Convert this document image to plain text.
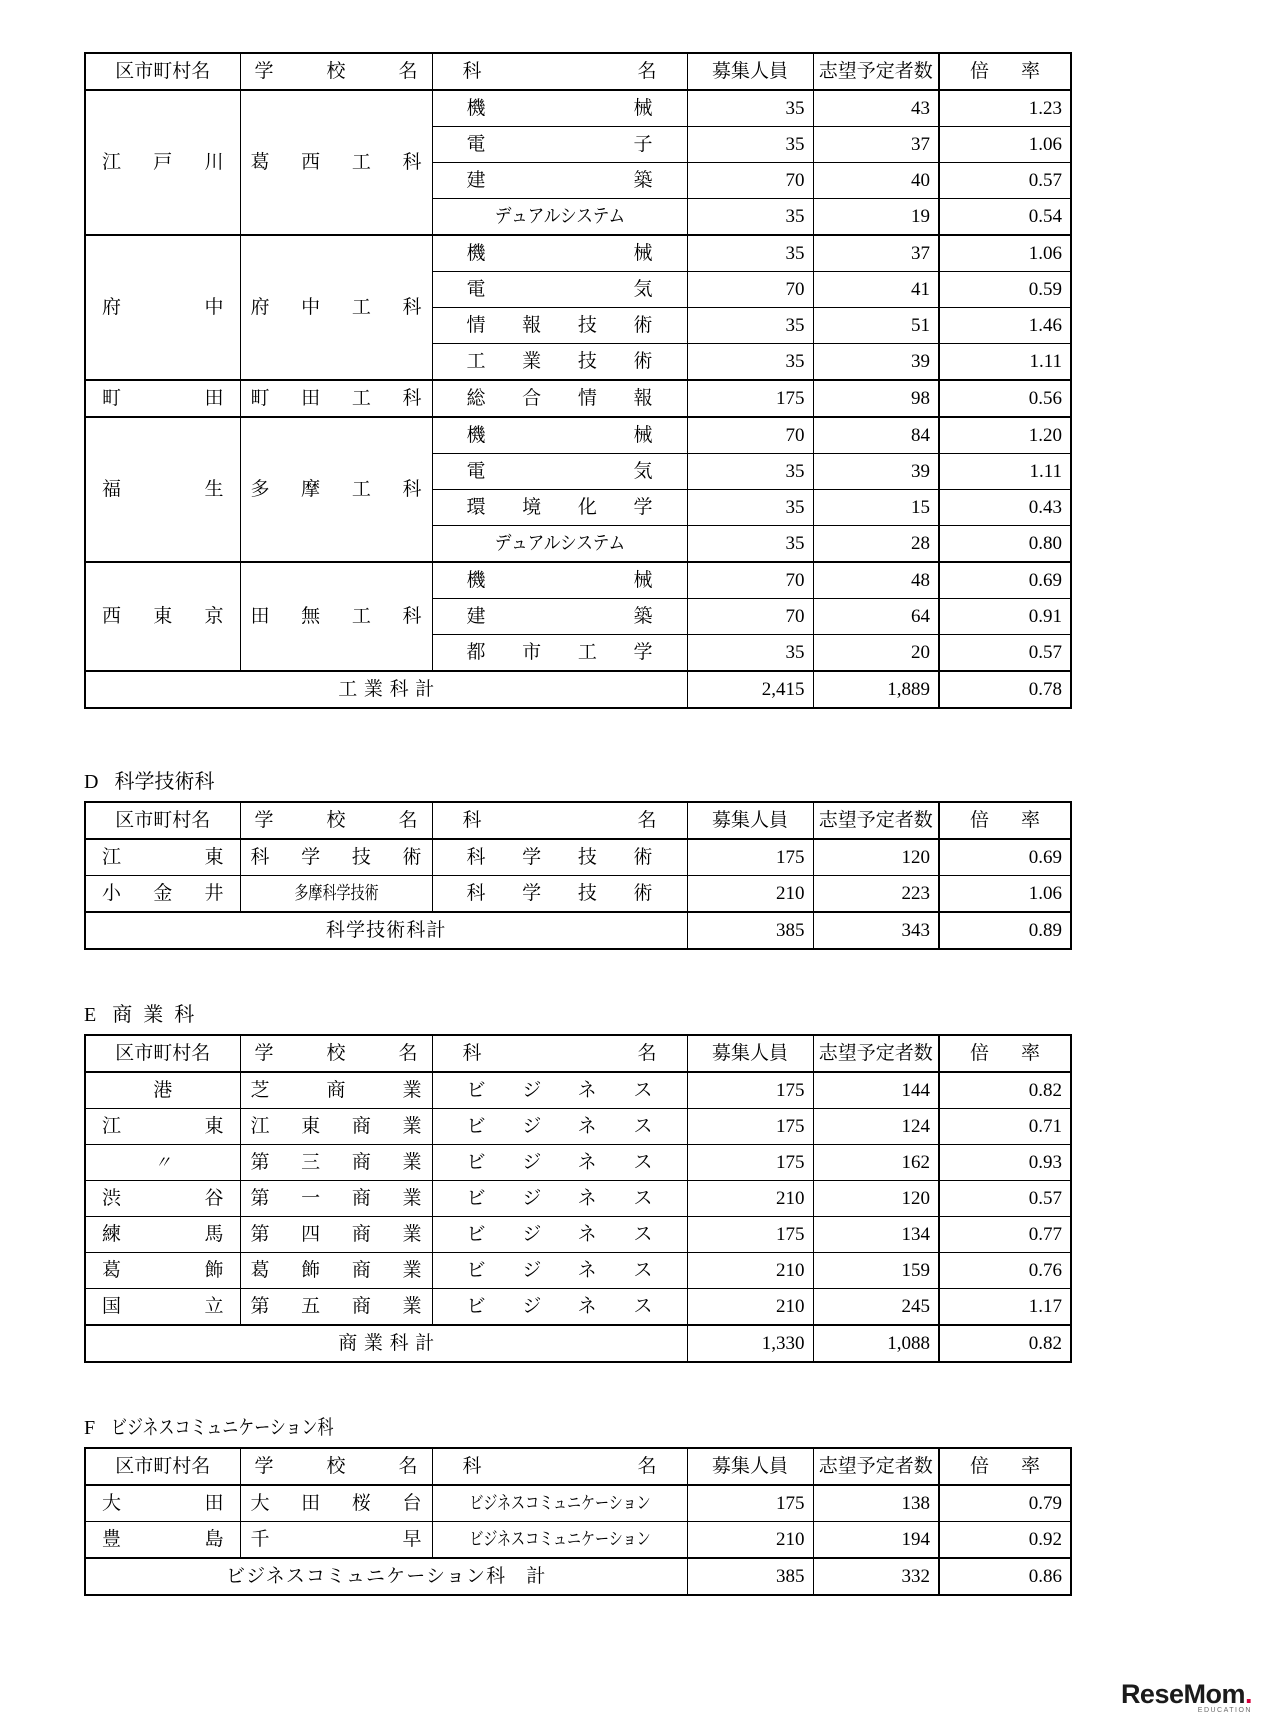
区市町村名	学 校 名	科　　　名	募集人員	志望予定者数	倍　率

江戸川	葛西工科	機械	35	43	1.23

		電子	35	37	1.06

		建築	70	40	0.57

		デュアルシステム	35	19	0.54

府中	府中工科	機械	35	37	1.06

		電気	70	41	0.59

		情報技術	35	51	1.46

		工業技術	35	39	1.11

町田	町田工科	総合情報	175	98	0.56

福生	多摩工科	機械	70	84	1.20

		電気	35	39	1.11

		環境化学	35	15	0.43

		デュアルシステム	35	28	0.80

西東京	田無工科	機械	70	48	0.69

		建築	70	64	0.91

		都市工学	35	20	0.57

工業科計			2,415	1,889	0.78
D 科学技術科
区市町村名	学 校 名	科　　　名	募集人員	志望予定者数	倍　率

江東	科学技術	科学技術	175	120	0.69

小金井	多摩科学技術	科学技術	210	223	1.06

科学技術科計			385	343	0.89
E 商業科
区市町村名	学 校 名	科　　　名	募集人員	志望予定者数	倍　率

港	芝商業	ビジネス	175	144	0.82

江東	江東商業	ビジネス	175	124	0.71

〃	第三商業	ビジネス	175	162	0.93

渋谷	第一商業	ビジネス	210	120	0.57

練馬	第四商業	ビジネス	175	134	0.77

葛飾	葛飾商業	ビジネス	210	159	0.76

国立	第五商業	ビジネス	210	245	1.17

商業科計			1,330	1,088	0.82
F ビジネスコミュニケーション科
区市町村名	学 校 名	科　　　名	募集人員	志望予定者数	倍　率

大田	大田桜台	ビジネスコミュニケーション	175	138	0.79

豊島	千早	ビジネスコミュニケーション	210	194	0.92

ビジネスコミュニケーション科　計			385	332	0.86
ReseMom.
EDUCATION
